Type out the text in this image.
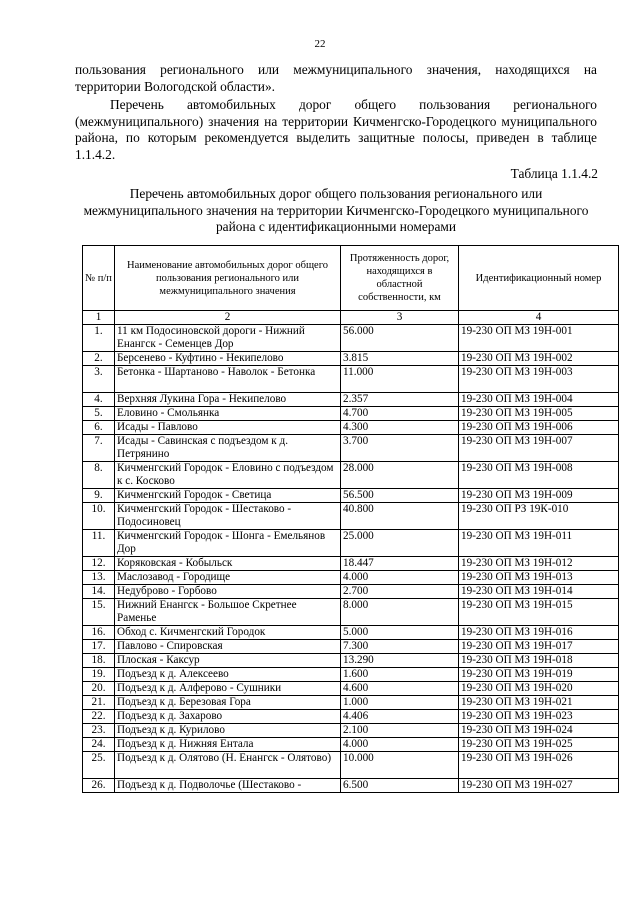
22

пользования регионального или межмуниципального значения, находящихся на территории Вологодской области».

Перечень автомобильных дорог общего пользования регионального (межмуниципального) значения на территории Кичменгско-Городецкого муниципального района, по которым рекомендуется выделить защитные полосы, приведен в таблице 1.1.4.2.

Таблица 1.1.4.2

Перечень автомобильных дорог общего пользования регионального или межмуниципального значения на территории Кичменгско-Городецкого муниципального района с идентификационными номерами

№ п/п	Наименование автомобильных дорог общего пользования регионального или межмуниципального значения	Протяженность дорог, находящихся в областной собственности, км	Идентификационный номер
1	2	3	4
1.	11 км Подосиновской дороги - Нижний Енангск - Семенцев Дор	56.000	19-230 ОП МЗ 19Н-001
2.	Берсенево - Куфтино - Некипелово	3.815	19-230 ОП МЗ 19Н-002
3.	Бетонка - Шартаново - Наволок - Бетонка	11.000	19-230 ОП МЗ 19Н-003
4.	Верхняя Лукина Гора - Некипелово	2.357	19-230 ОП МЗ 19Н-004
5.	Еловино - Смольянка	4.700	19-230 ОП МЗ 19Н-005
6.	Исады - Павлово	4.300	19-230 ОП МЗ 19Н-006
7.	Исады - Савинская с подъездом к д. Петрянино	3.700	19-230 ОП МЗ 19Н-007
8.	Кичменгский Городок - Еловино с подъездом к с. Косково	28.000	19-230 ОП МЗ 19Н-008
9.	Кичменгский Городок - Светица	56.500	19-230 ОП МЗ 19Н-009
10.	Кичменгский Городок - Шестаково - Подосиновец	40.800	19-230 ОП РЗ 19К-010
11.	Кичменгский Городок - Шонга - Емельянов Дор	25.000	19-230 ОП МЗ 19Н-011
12.	Коряковская - Кобыльск	18.447	19-230 ОП МЗ 19Н-012
13.	Маслозавод - Городище	4.000	19-230 ОП МЗ 19Н-013
14.	Недуброво - Горбово	2.700	19-230 ОП МЗ 19Н-014
15.	Нижний Енангск - Большое Скретнее Раменье	8.000	19-230 ОП МЗ 19Н-015
16.	Обход с. Кичменгский Городок	5.000	19-230 ОП МЗ 19Н-016
17.	Павлово - Спировская	7.300	19-230 ОП МЗ 19Н-017
18.	Плоская - Каксур	13.290	19-230 ОП МЗ 19Н-018
19.	Подъезд к д. Алексеево	1.600	19-230 ОП МЗ 19Н-019
20.	Подъезд к д. Алферово - Сушники	4.600	19-230 ОП МЗ 19Н-020
21.	Подъезд к д. Березовая Гора	1.000	19-230 ОП МЗ 19Н-021
22.	Подъезд к д. Захарово	4.406	19-230 ОП МЗ 19Н-023
23.	Подъезд к д. Курилово	2.100	19-230 ОП МЗ 19Н-024
24.	Подъезд к д. Нижняя Ентала	4.000	19-230 ОП МЗ 19Н-025
25.	Подъезд к д. Олятово (Н. Енангск - Олятово)	10.000	19-230 ОП МЗ 19Н-026
26.	Подъезд к д. Подволочье (Шестаково -	6.500	19-230 ОП МЗ 19Н-027
